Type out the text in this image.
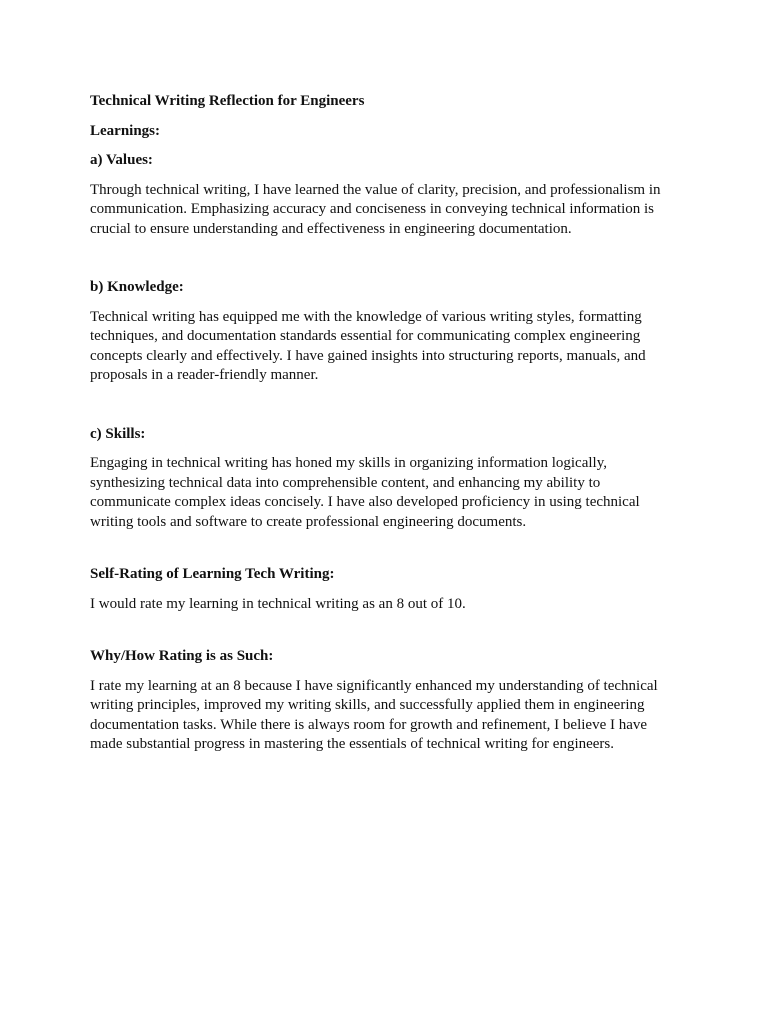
Technical Writing Reflection for Engineers

Learnings:

a) Values:

Through technical writing, I have learned the value of clarity, precision, and professionalism in communication. Emphasizing accuracy and conciseness in conveying technical information is crucial to ensure understanding and effectiveness in engineering documentation.

b) Knowledge:

Technical writing has equipped me with the knowledge of various writing styles, formatting techniques, and documentation standards essential for communicating complex engineering concepts clearly and effectively. I have gained insights into structuring reports, manuals, and proposals in a reader-friendly manner.

c) Skills:

Engaging in technical writing has honed my skills in organizing information logically, synthesizing technical data into comprehensible content, and enhancing my ability to communicate complex ideas concisely. I have also developed proficiency in using technical writing tools and software to create professional engineering documents.

Self-Rating of Learning Tech Writing:

I would rate my learning in technical writing as an 8 out of 10.

Why/How Rating is as Such:

I rate my learning at an 8 because I have significantly enhanced my understanding of technical writing principles, improved my writing skills, and successfully applied them in engineering documentation tasks. While there is always room for growth and refinement, I believe I have made substantial progress in mastering the essentials of technical writing for engineers.
